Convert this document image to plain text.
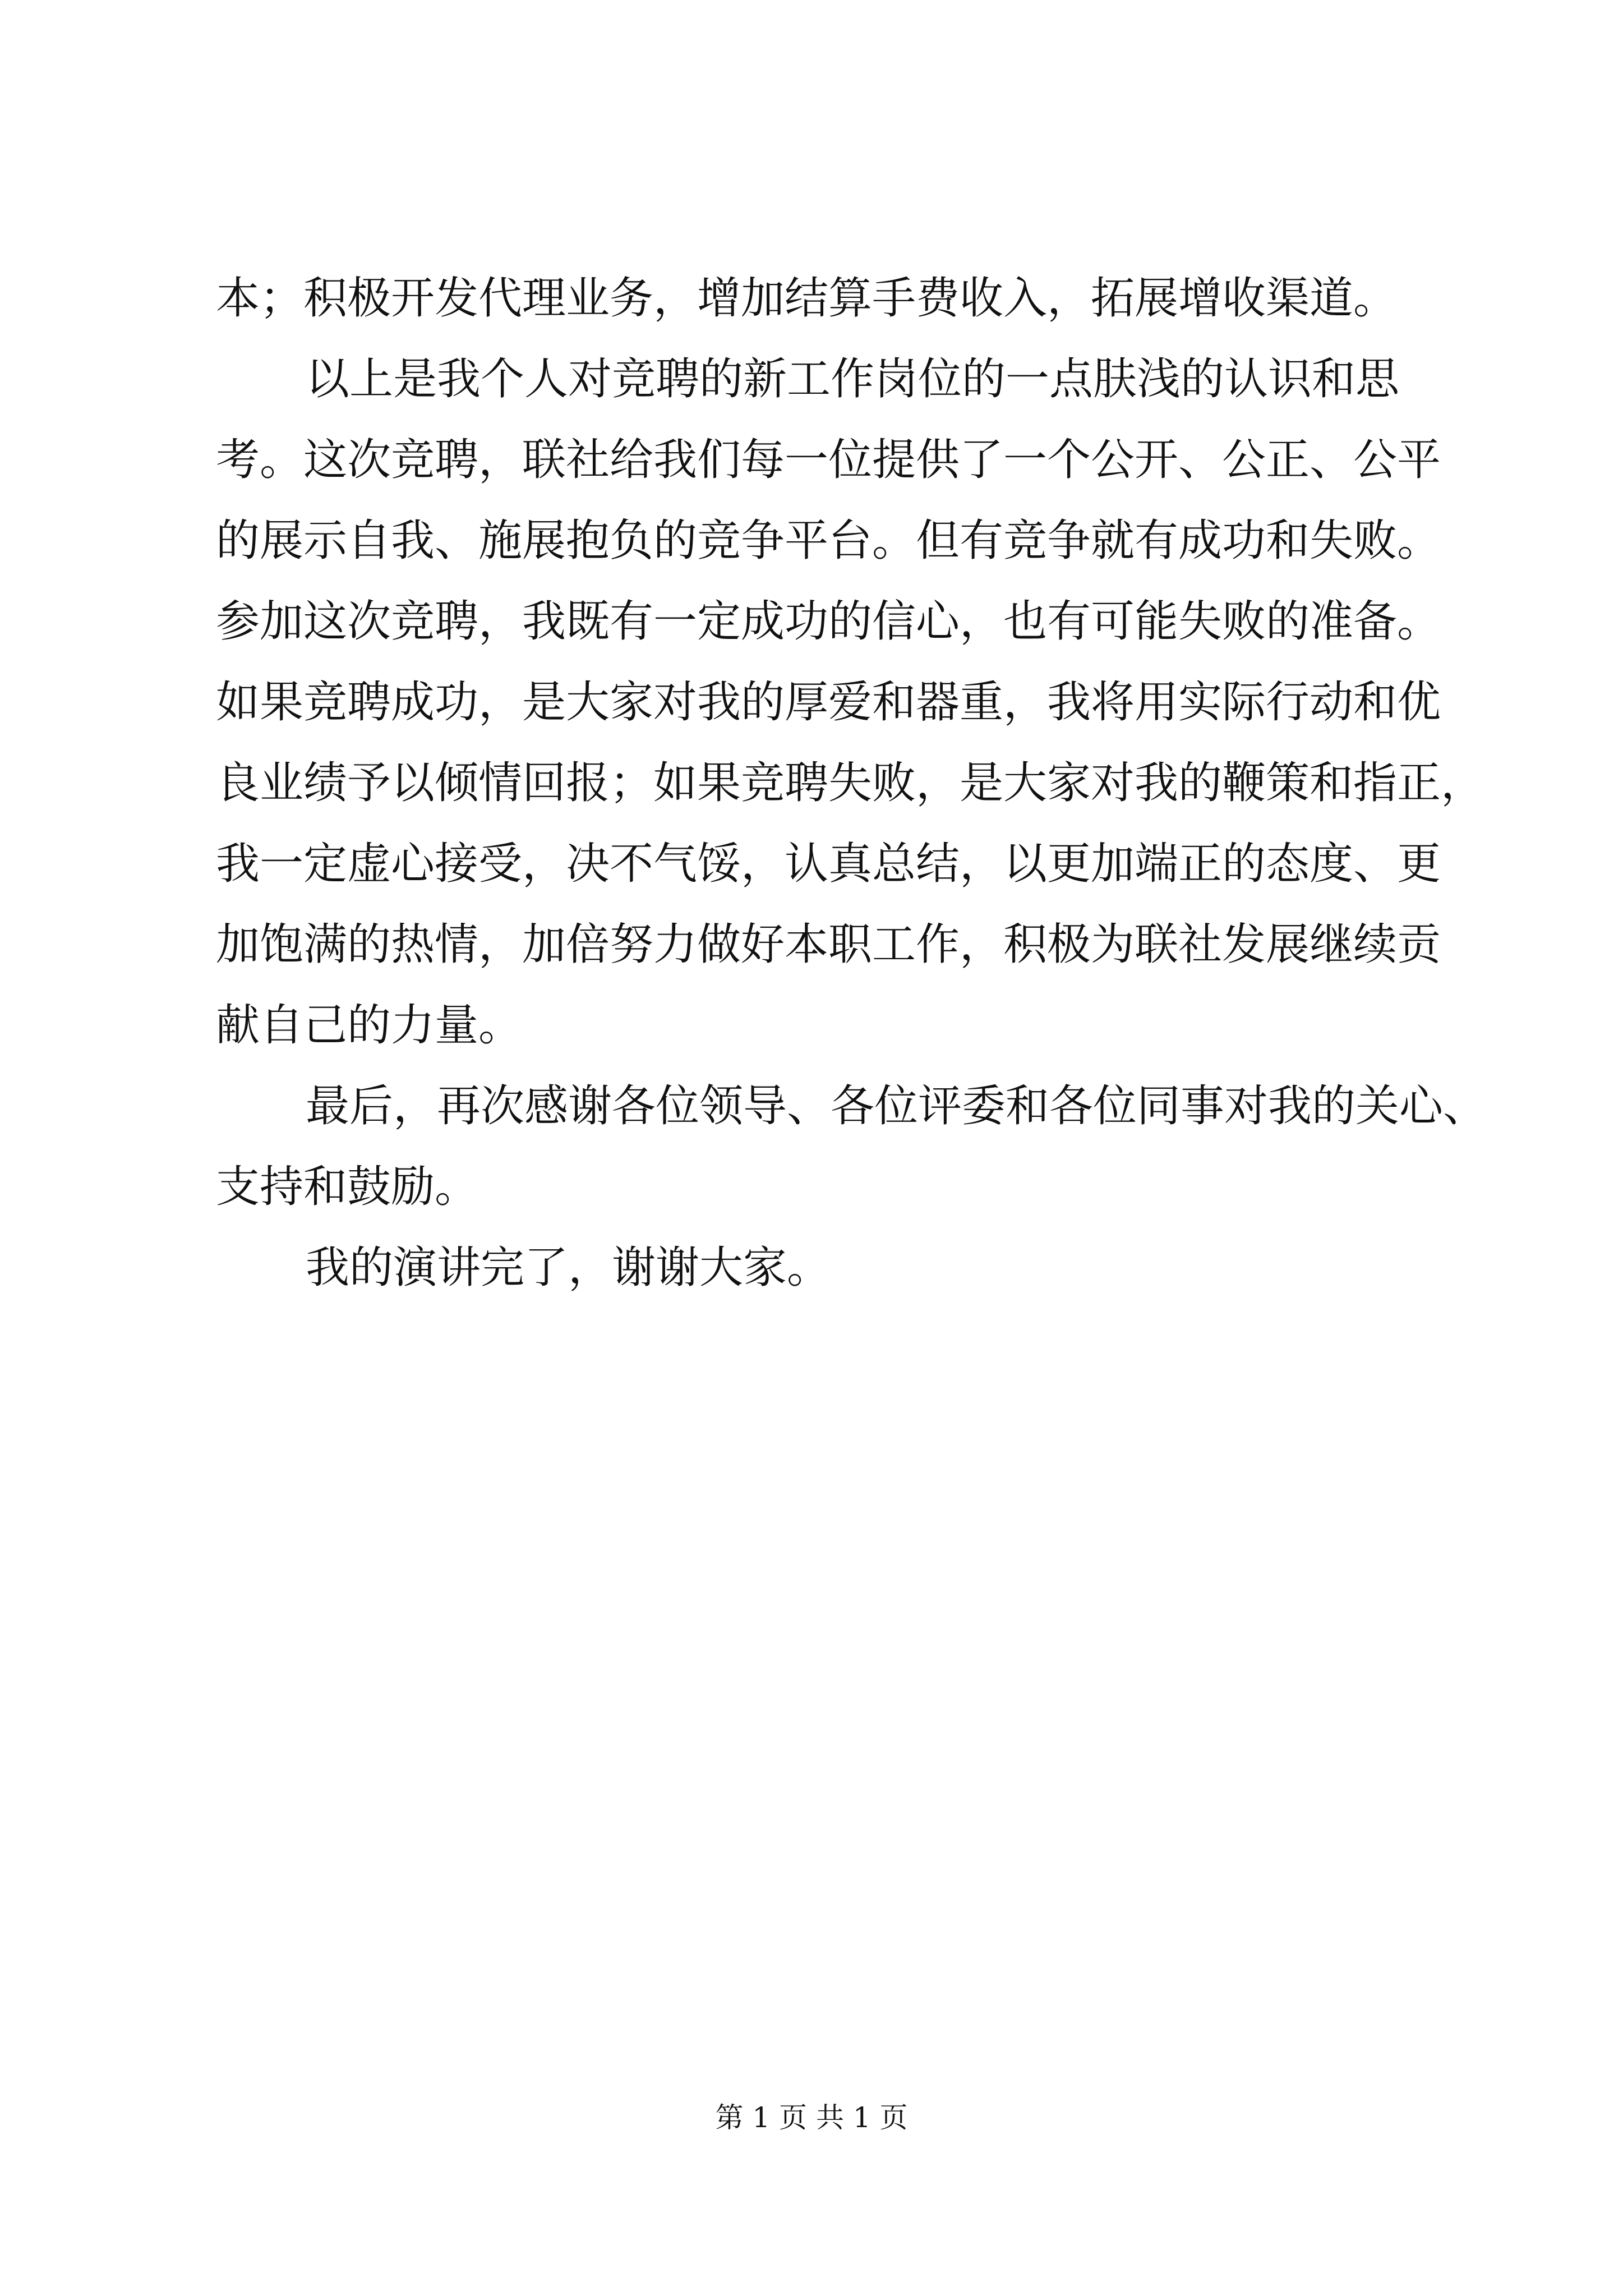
本；积极开发代理业务，增加结算手费收入，拓展增收渠道。
以上是我个人对竞聘的新工作岗位的一点肤浅的认识和思
考。这次竞聘，联社给我们每一位提供了一个公开、公正、公平
的展示自我、施展抱负的竞争平台。但有竞争就有成功和失败。
参加这次竞聘，我既有一定成功的信心，也有可能失败的准备。
如果竞聘成功，是大家对我的厚爱和器重，我将用实际行动和优
良业绩予以倾情回报；如果竞聘失败，是大家对我的鞭策和指正，
我一定虚心接受，决不气馁，认真总结，以更加端正的态度、更
加饱满的热情，加倍努力做好本职工作，积极为联社发展继续贡
献自己的力量。
最后，再次感谢各位领导、各位评委和各位同事对我的关心、
支持和鼓励。
我的演讲完了，谢谢大家。
第 1 页 共 1 页
